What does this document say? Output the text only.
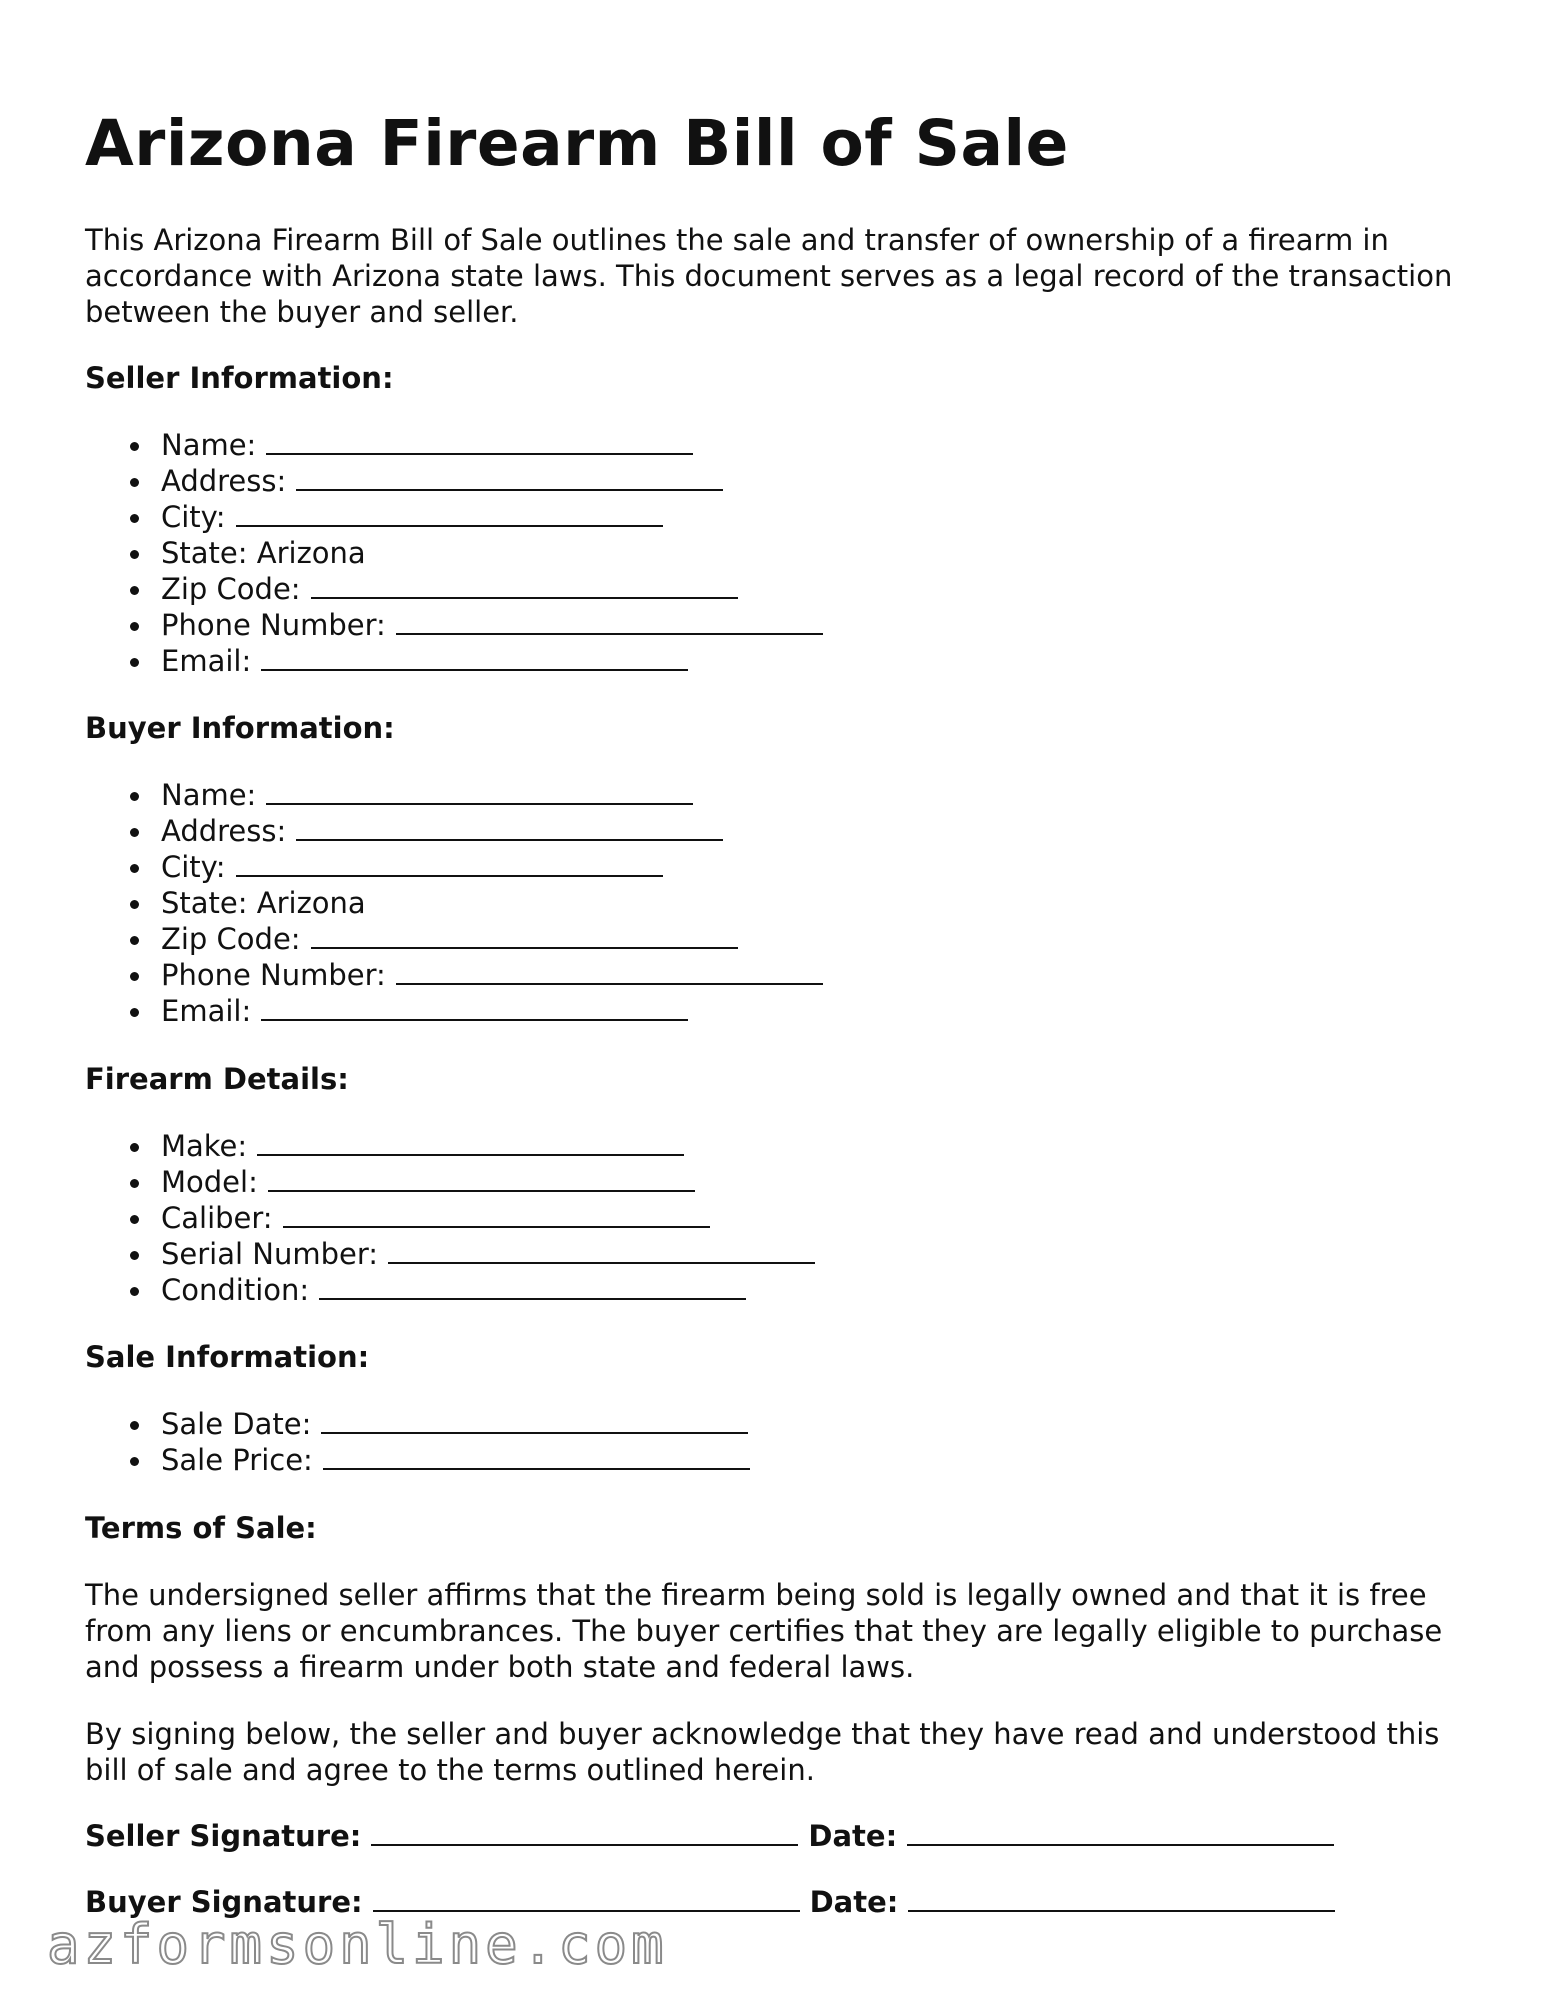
Arizona Firearm Bill of Sale

This Arizona Firearm Bill of Sale outlines the sale and transfer of ownership of a firearm in accordance with Arizona state laws. This document serves as a legal record of the transaction between the buyer and seller.

Seller Information:

Name:
Address:
City:
State: Arizona
Zip Code:
Phone Number:
Email:

Buyer Information:

Name:
Address:
City:
State: Arizona
Zip Code:
Phone Number:
Email:

Firearm Details:

Make:
Model:
Caliber:
Serial Number:
Condition:

Sale Information:

Sale Date:
Sale Price:

Terms of Sale:

The undersigned seller affirms that the firearm being sold is legally owned and that it is free from any liens or encumbrances. The buyer certifies that they are legally eligible to purchase and possess a firearm under both state and federal laws.

By signing below, the seller and buyer acknowledge that they have read and understood this bill of sale and agree to the terms outlined herein.

Seller Signature:	Date:
Buyer Signature:	Date:
azformsonline.com
